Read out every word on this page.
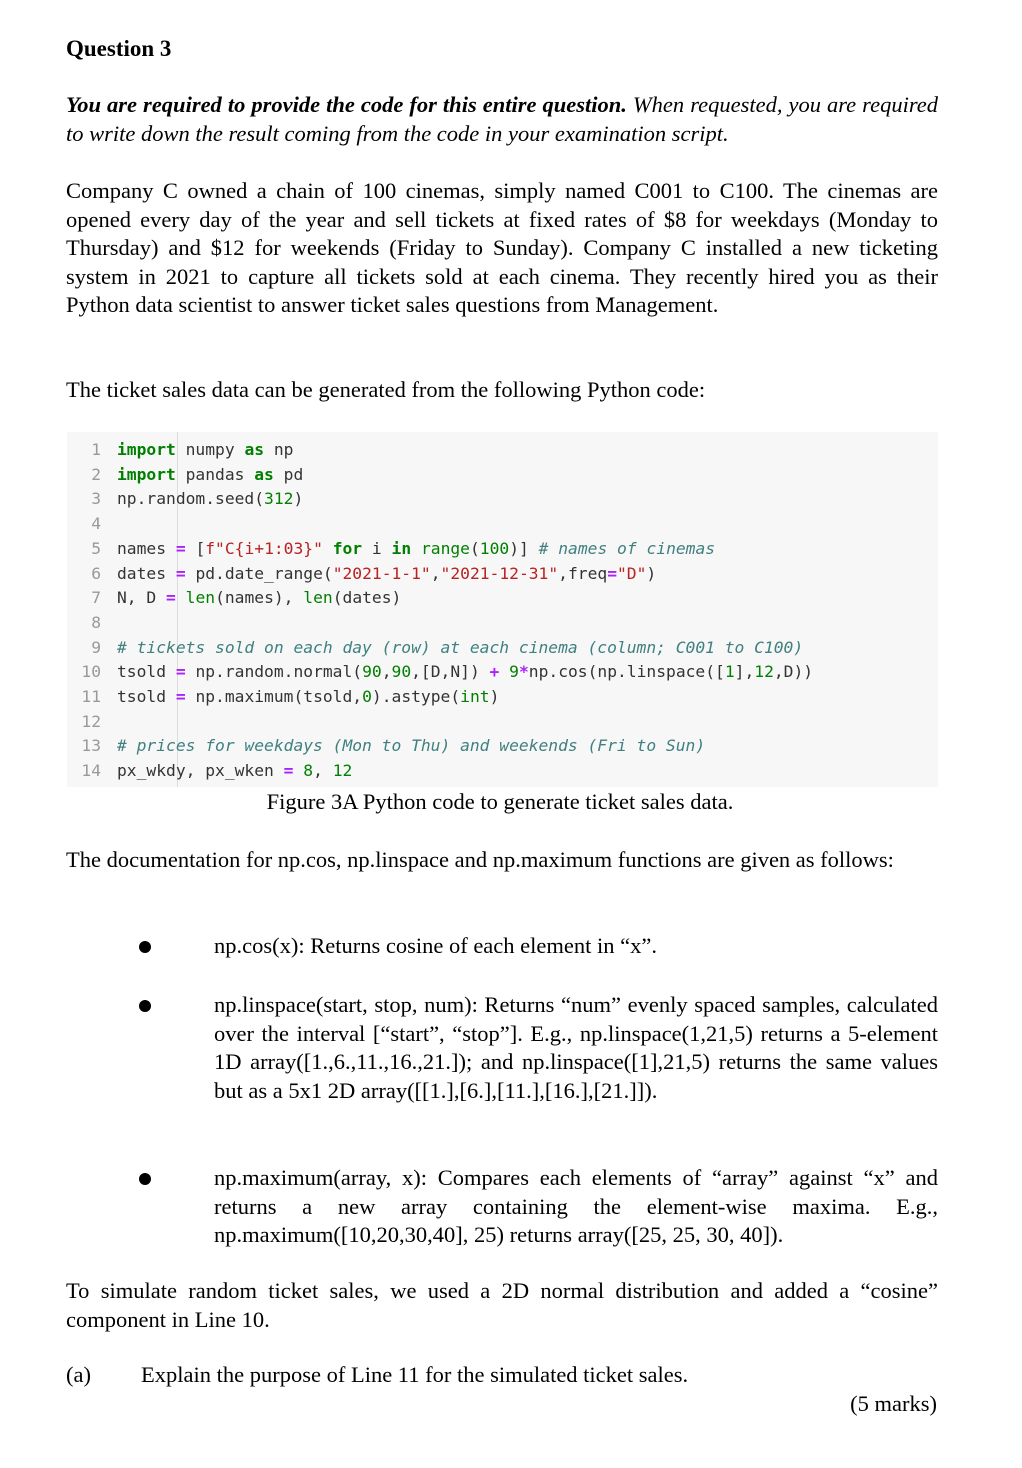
Question 3
You are required to provide the code for this entire question. When requested, you are required to write down the result coming from the code in your examination script.
Company C owned a chain of 100 cinemas, simply named C001 to C100. The cinemas are opened every day of the year and sell tickets at fixed rates of $8 for weekdays (Monday to Thursday) and $12 for weekends (Friday to Sunday). Company C installed a new ticketing system in 2021 to capture all tickets sold at each cinema. They recently hired you as their Python data scientist to answer ticket sales questions from Management.
The ticket sales data can be generated from the following Python code:
1 import numpy as np
2 import pandas as pd
3 np.random.seed(312)
4
5 names = [f"C{i+1:03}" for i in range(100)] # names of cinemas
6 dates = pd.date_range("2021-1-1","2021-12-31",freq="D")
7 N, D = len(names), len(dates)
8
9 # tickets sold on each day (row) at each cinema (column; C001 to C100)
10 tsold = np.random.normal(90,90,[D,N]) + 9*np.cos(np.linspace([1],12,D))
11 tsold = np.maximum(tsold,0).astype(int)
12
13 # prices for weekdays (Mon to Thu) and weekends (Fri to Sun)
14 px_wkdy, px_wken = 8, 12
Figure 3A Python code to generate ticket sales data.
The documentation for np.cos, np.linspace and np.maximum functions are given as follows:
np.cos(x): Returns cosine of each element in “x”.
np.linspace(start, stop, num): Returns “num” evenly spaced samples, calculated over the interval [“start”, “stop”]. E.g., np.linspace(1,21,5) returns a 5-element 1D array([1.,6.,11.,16.,21.]); and np.linspace([1],21,5) returns the same values but as a 5x1 2D array([[1.],[6.],[11.],[16.],[21.]]).
np.maximum(array, x): Compares each elements of “array” against “x” and returns a new array containing the element-wise maxima. E.g., np.maximum([10,20,30,40], 25) returns array([25, 25, 30, 40]).
To simulate random ticket sales, we used a 2D normal distribution and added a “cosine” component in Line 10.
(a) Explain the purpose of Line 11 for the simulated ticket sales.
(5 marks)
